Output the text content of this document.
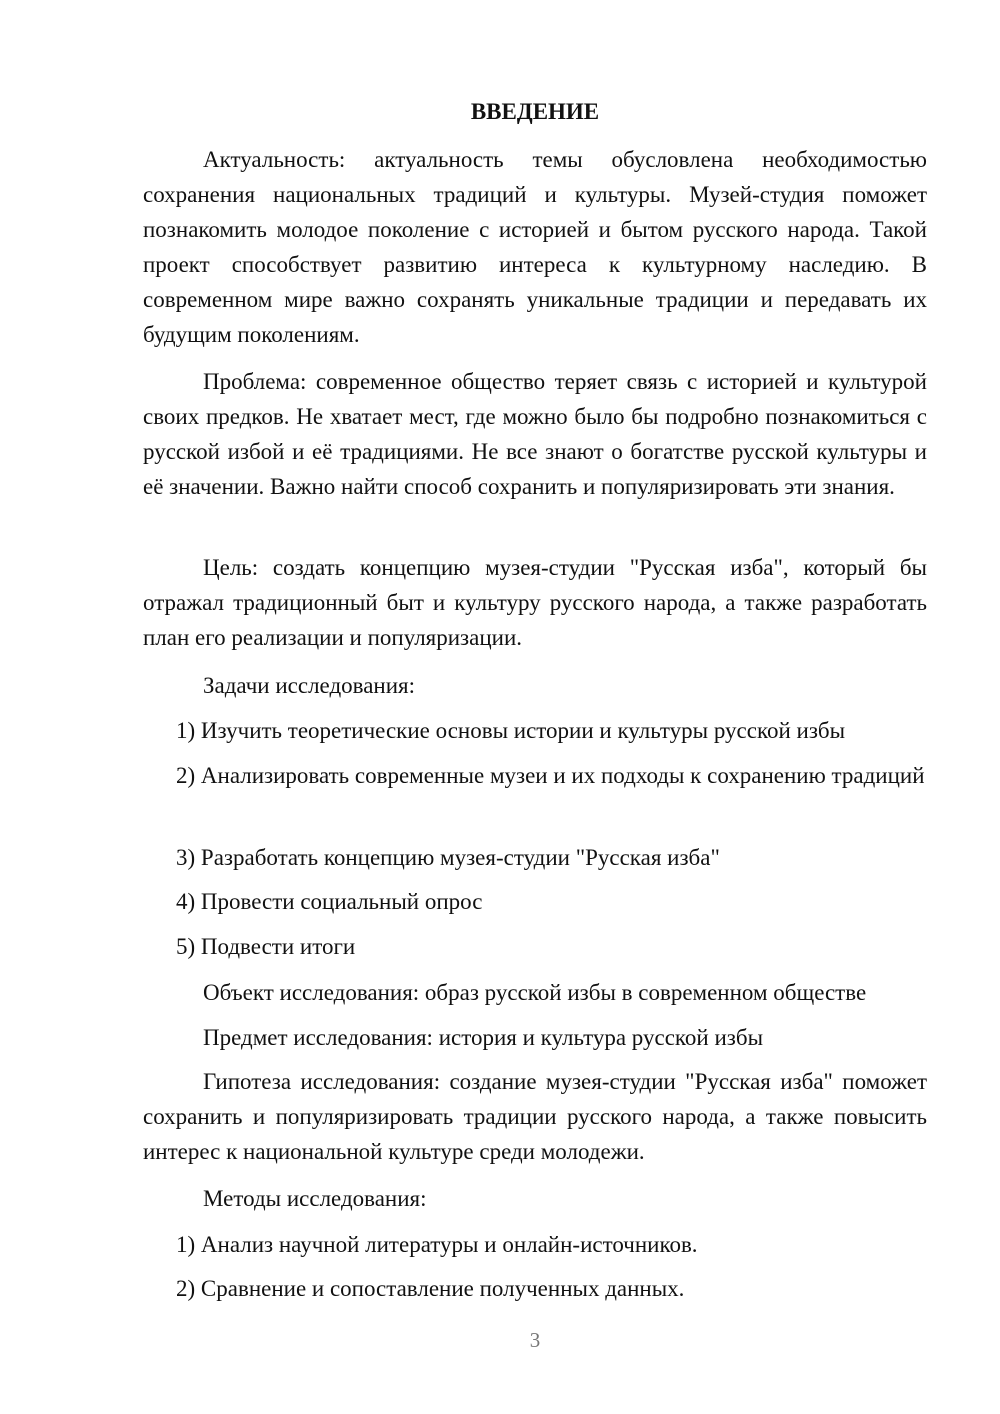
ВВЕДЕНИЕ

Актуальность: актуальность темы обусловлена необходимостью сохранения национальных традиций и культуры. Музей-студия поможет познакомить молодое поколение с историей и бытом русского народа. Такой проект способствует развитию интереса к культурному наследию. В современном мире важно сохранять уникальные традиции и передавать их будущим поколениям.

Проблема: современное общество теряет связь с историей и культурой своих предков. Не хватает мест, где можно было бы подробно познакомиться с русской избой и её традициями. Не все знают о богатстве русской культуры и её значении. Важно найти способ сохранить и популяризировать эти знания.

Цель: создать концепцию музея-студии "Русская изба", который бы отражал традиционный быт и культуру русского народа, а также разработать план его реализации и популяризации.

Задачи исследования:

1) Изучить теоретические основы истории и культуры русской избы

2) Анализировать современные музеи и их подходы к сохранению традиций

3) Разработать концепцию музея-студии "Русская изба"

4) Провести социальный опрос

5) Подвести итоги

Объект исследования: образ русской избы в современном обществе

Предмет исследования: история и культура русской избы

Гипотеза исследования: создание музея-студии "Русская изба" поможет сохранить и популяризировать традиции русского народа, а также повысить интерес к национальной культуре среди молодежи.

Методы исследования:

1) Анализ научной литературы и онлайн-источников.

2) Сравнение и сопоставление полученных данных.

3
